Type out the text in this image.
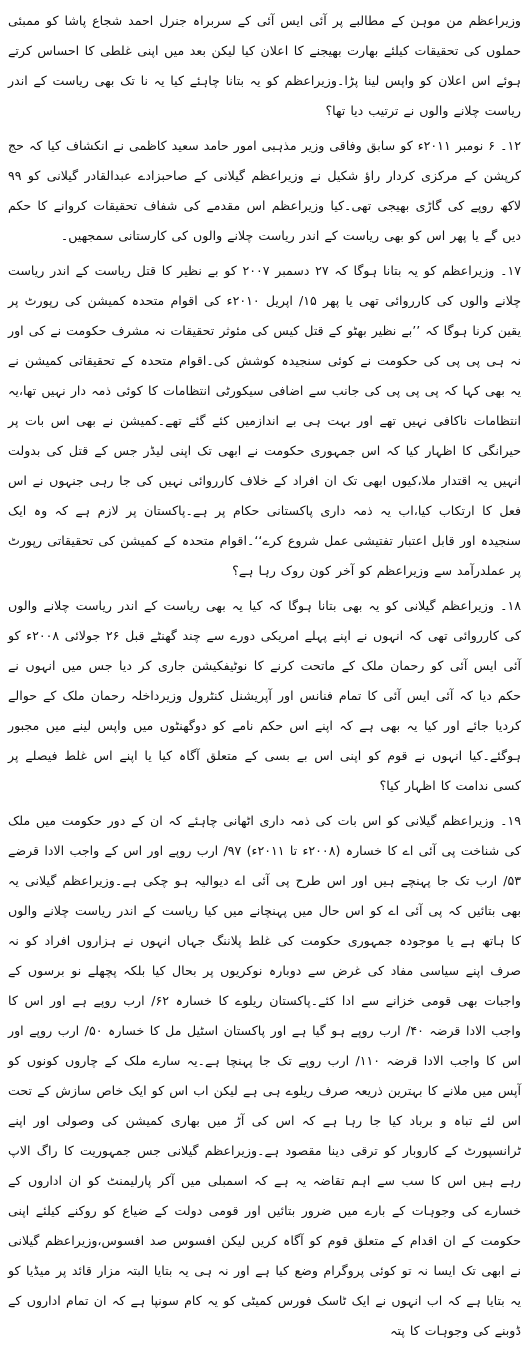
وزیراعظم من موہن کے مطالبے پر آئی ایس آئی کے سربراہ جنرل احمد شجاع پاشا کو ممبئی حملوں کی تحقیقات کیلئے بھارت بھیجنے کا اعلان کیا لیکن بعد میں اپنی غلطی کا احساس کرتے ہوئے اس اعلان کو واپس لینا پڑا۔وزیراعظم کو یہ بتانا چاہئے کیا یہ نا تک بھی ریاست کے اندر ریاست چلانے والوں نے ترتیب دیا تھا؟

۱۲۔ ۶ نومبر ۲۰۱۱ء کو سابق وفاقی وزیر مذہبی امور حامد سعید کاظمی نے انکشاف کیا کہ حج کرپشن کے مرکزی کردار راؤ شکیل نے وزیراعظم گیلانی کے صاحبزادے عبدالقادر گیلانی کو ۹۹ لاکھ روپے کی گاڑی بھیجی تھی۔کیا وزیراعظم اس مقدمے کی شفاف تحقیقات کروانے کا حکم دیں گے یا پھر اس کو بھی ریاست کے اندر ریاست چلانے والوں کی کارستانی سمجھیں۔

۱۷۔ وزیراعظم کو یہ بتانا ہوگا کہ ۲۷ دسمبر ۲۰۰۷ کو بے نظیر کا قتل ریاست کے اندر ریاست چلانے والوں کی کارروائی تھی یا پھر ۱۵/ اپریل ۲۰۱۰ء کی اقوام متحدہ کمیشن کی رپورٹ پر یقین کرنا ہوگا کہ ’’بے نظیر بھٹو کے قتل کیس کی مئوثر تحقیقات نہ مشرف حکومت نے کی اور نہ ہی پی پی کی حکومت نے کوئی سنجیدہ کوشش کی۔اقوام متحدہ کے تحقیقاتی کمیشن نے یہ بھی کہا کہ پی پی پی کی جانب سے اضافی سیکورٹی انتظامات کا کوئی ذمہ دار نہیں تھا،یہ انتظامات ناکافی نہیں تھے اور بہت ہی بے اندازمیں کئے گئے تھے۔کمیشن نے بھی اس بات پر حیرانگی کا اظہار کیا کہ اس جمہوری حکومت نے ابھی تک اپنی لیڈر جس کے قتل کی بدولت انہیں یہ اقتدار ملا،کیوں ابھی تک ان افراد کے خلاف کارروائی نہیں کی جا رہی جنہوں نے اس فعل کا ارتکاب کیا،اب یہ ذمہ داری پاکستانی حکام پر ہے۔پاکستان پر لازم ہے کہ وہ ایک سنجیدہ اور قابل اعتبار تفتیشی عمل شروع کرے‘‘۔اقوام متحدہ کے کمیشن کی تحقیقاتی رپورٹ پر عملدرآمد سے وزیراعظم کو آخر کون روک رہا ہے؟

۱۸۔ وزیراعظم گیلانی کو یہ بھی بتانا ہوگا کہ کیا یہ بھی ریاست کے اندر ریاست چلانے والوں کی کارروائی تھی کہ انہوں نے اپنے پہلے امریکی دورے سے چند گھنٹے قبل ۲۶ جولائی ۲۰۰۸ء کو آئی ایس آئی کو رحمان ملک کے ماتحت کرنے کا نوٹیفکیشن جاری کر دیا جس میں انہوں نے حکم دیا کہ آئی ایس آئی کا تمام فنانس اور آپریشنل کنٹرول وزیرداخلہ رحمان ملک کے حوالے کردیا جائے اور کیا یہ بھی ہے کہ اپنے اس حکم نامے کو دوگھنٹوں میں واپس لینے میں مجبور ہوگئے۔کیا انہوں نے قوم کو اپنی اس بے بسی کے متعلق آگاہ کیا یا اپنے اس غلط فیصلے پر کسی ندامت کا اظہار کیا؟

۱۹۔ وزیراعظم گیلانی کو اس بات کی ذمہ داری اٹھانی چاہئے کہ ان کے دور حکومت میں ملک کی شناخت پی آئی اے کا خسارہ (۲۰۰۸ء تا ۲۰۱۱ء) ۹۷/ ارب روپے اور اس کے واجب الادا قرضے ۵۳/ ارب تک جا پہنچے ہیں اور اس طرح پی آئی اے دیوالیہ ہو چکی ہے۔وزیراعظم گیلانی یہ بھی بتائیں کہ پی آئی اے کو اس حال میں پہنچانے میں کیا ریاست کے اندر ریاست چلانے والوں کا ہاتھ ہے یا موجودہ جمہوری حکومت کی غلط پلاننگ جہاں انہوں نے ہزاروں افراد کو نہ صرف اپنے سیاسی مفاد کی غرض سے دوبارہ نوکریوں پر بحال کیا بلکہ پچھلے نو برسوں کے واجبات بھی قومی خزانے سے ادا کئے۔پاکستان ریلوے کا خسارہ ۶۲/ ارب روپے ہے اور اس کا واجب الادا قرضہ ۴۰/ ارب روپے ہو گیا ہے اور پاکستان اسٹیل مل کا خسارہ ۵۰/ ارب روپے اور اس کا واجب الادا قرضہ ۱۱۰/ ارب روپے تک جا پہنچا ہے۔یہ سارے ملک کے چاروں کونوں کو آپس میں ملانے کا بہترین ذریعہ صرف ریلوے ہی ہے لیکن اب اس کو ایک خاص سازش کے تحت اس لئے تباہ و برباد کیا جا رہا ہے کہ اس کی آڑ میں بھاری کمیشن کی وصولی اور اپنے ٹرانسپورٹ کے کاروبار کو ترقی دینا مقصود ہے۔وزیراعظم گیلانی جس جمہوریت کا راگ الاپ رہے ہیں اس کا سب سے اہم تقاضہ یہ ہے کہ اسمبلی میں آکر پارلیمنٹ کو ان اداروں کے خسارے کی وجوہات کے بارے میں ضرور بتائیں اور قومی دولت کے ضیاع کو روکنے کیلئے اپنی حکومت کے ان اقدام کے متعلق قوم کو آگاہ کریں لیکن افسوس صد افسوس،وزیراعظم گیلانی نے ابھی تک ایسا نہ تو کوئی پروگرام وضع کیا ہے اور نہ ہی یہ بتایا البتہ مزار قائد پر میڈیا کو یہ بتایا ہے کہ اب انہوں نے ایک ٹاسک فورس کمیٹی کو یہ کام سونپا ہے کہ ان تمام اداروں کے ڈوبنے کی وجوہات کا پتہ
